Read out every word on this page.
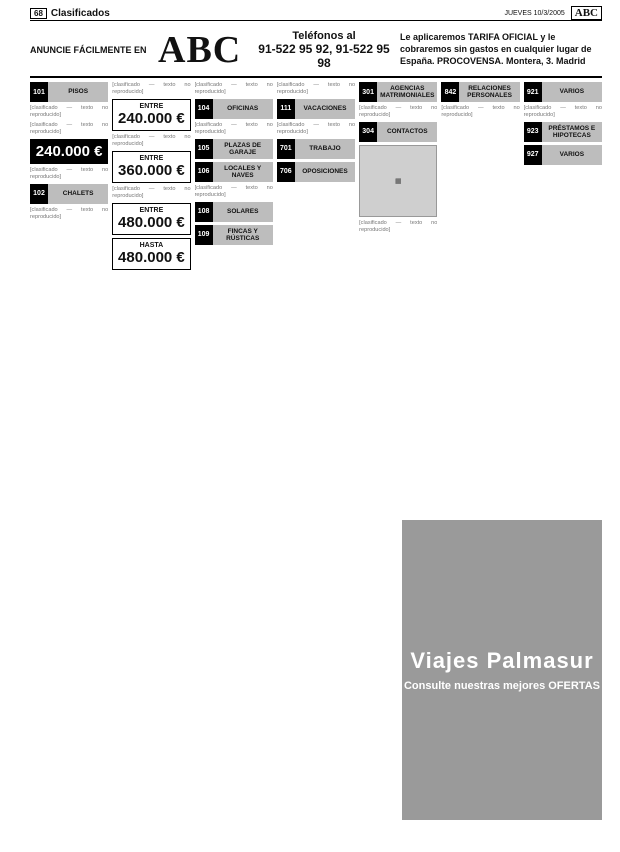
68 Clasificados	JUEVES 10/3/2005 ABC
ANUNCIE FÁCILMENTE EN ABC	Teléfonos al
91-522 95 92, 91-522 95 98
Le aplicaremos TARIFA OFICIAL y le cobraremos sin gastos en cualquier lugar de España. PROCOVENSA. Montera, 3. Madrid
101	PISOS
[clasificado — texto no reproducido]
[clasificado — texto no reproducido]
240.000 €
[clasificado — texto no reproducido]
102	CHALETS
[clasificado — texto no reproducido]
[clasificado — texto no reproducido]
ENTRE
240.000 €
[clasificado — texto no reproducido]
ENTRE
360.000 €
[clasificado — texto no reproducido]
ENTRE
480.000 €
HASTA
480.000 €
[clasificado — texto no reproducido]
104	OFICINAS
[clasificado — texto no reproducido]
105
PLAZAS DE GARAJE
106
LOCALES Y NAVES
[clasificado — texto no reproducido]
108	SOLARES
109
FINCAS Y RÚSTICAS
[clasificado — texto no reproducido]
111	VACACIONES
[clasificado — texto no reproducido]
701	TRABAJO
706	OPOSICIONES
301
AGENCIAS MATRIMONIALES
[clasificado — texto no reproducido]
304	CONTACTOS
▦
[clasificado — texto no reproducido]
842
RELACIONES PERSONALES
[clasificado — texto no reproducido]
921	VARIOS
[clasificado — texto no reproducido]
923
PRÉSTAMOS E HIPOTECAS
927	VARIOS
Viajes Palmasur
Consulte nuestras mejores OFERTAS
